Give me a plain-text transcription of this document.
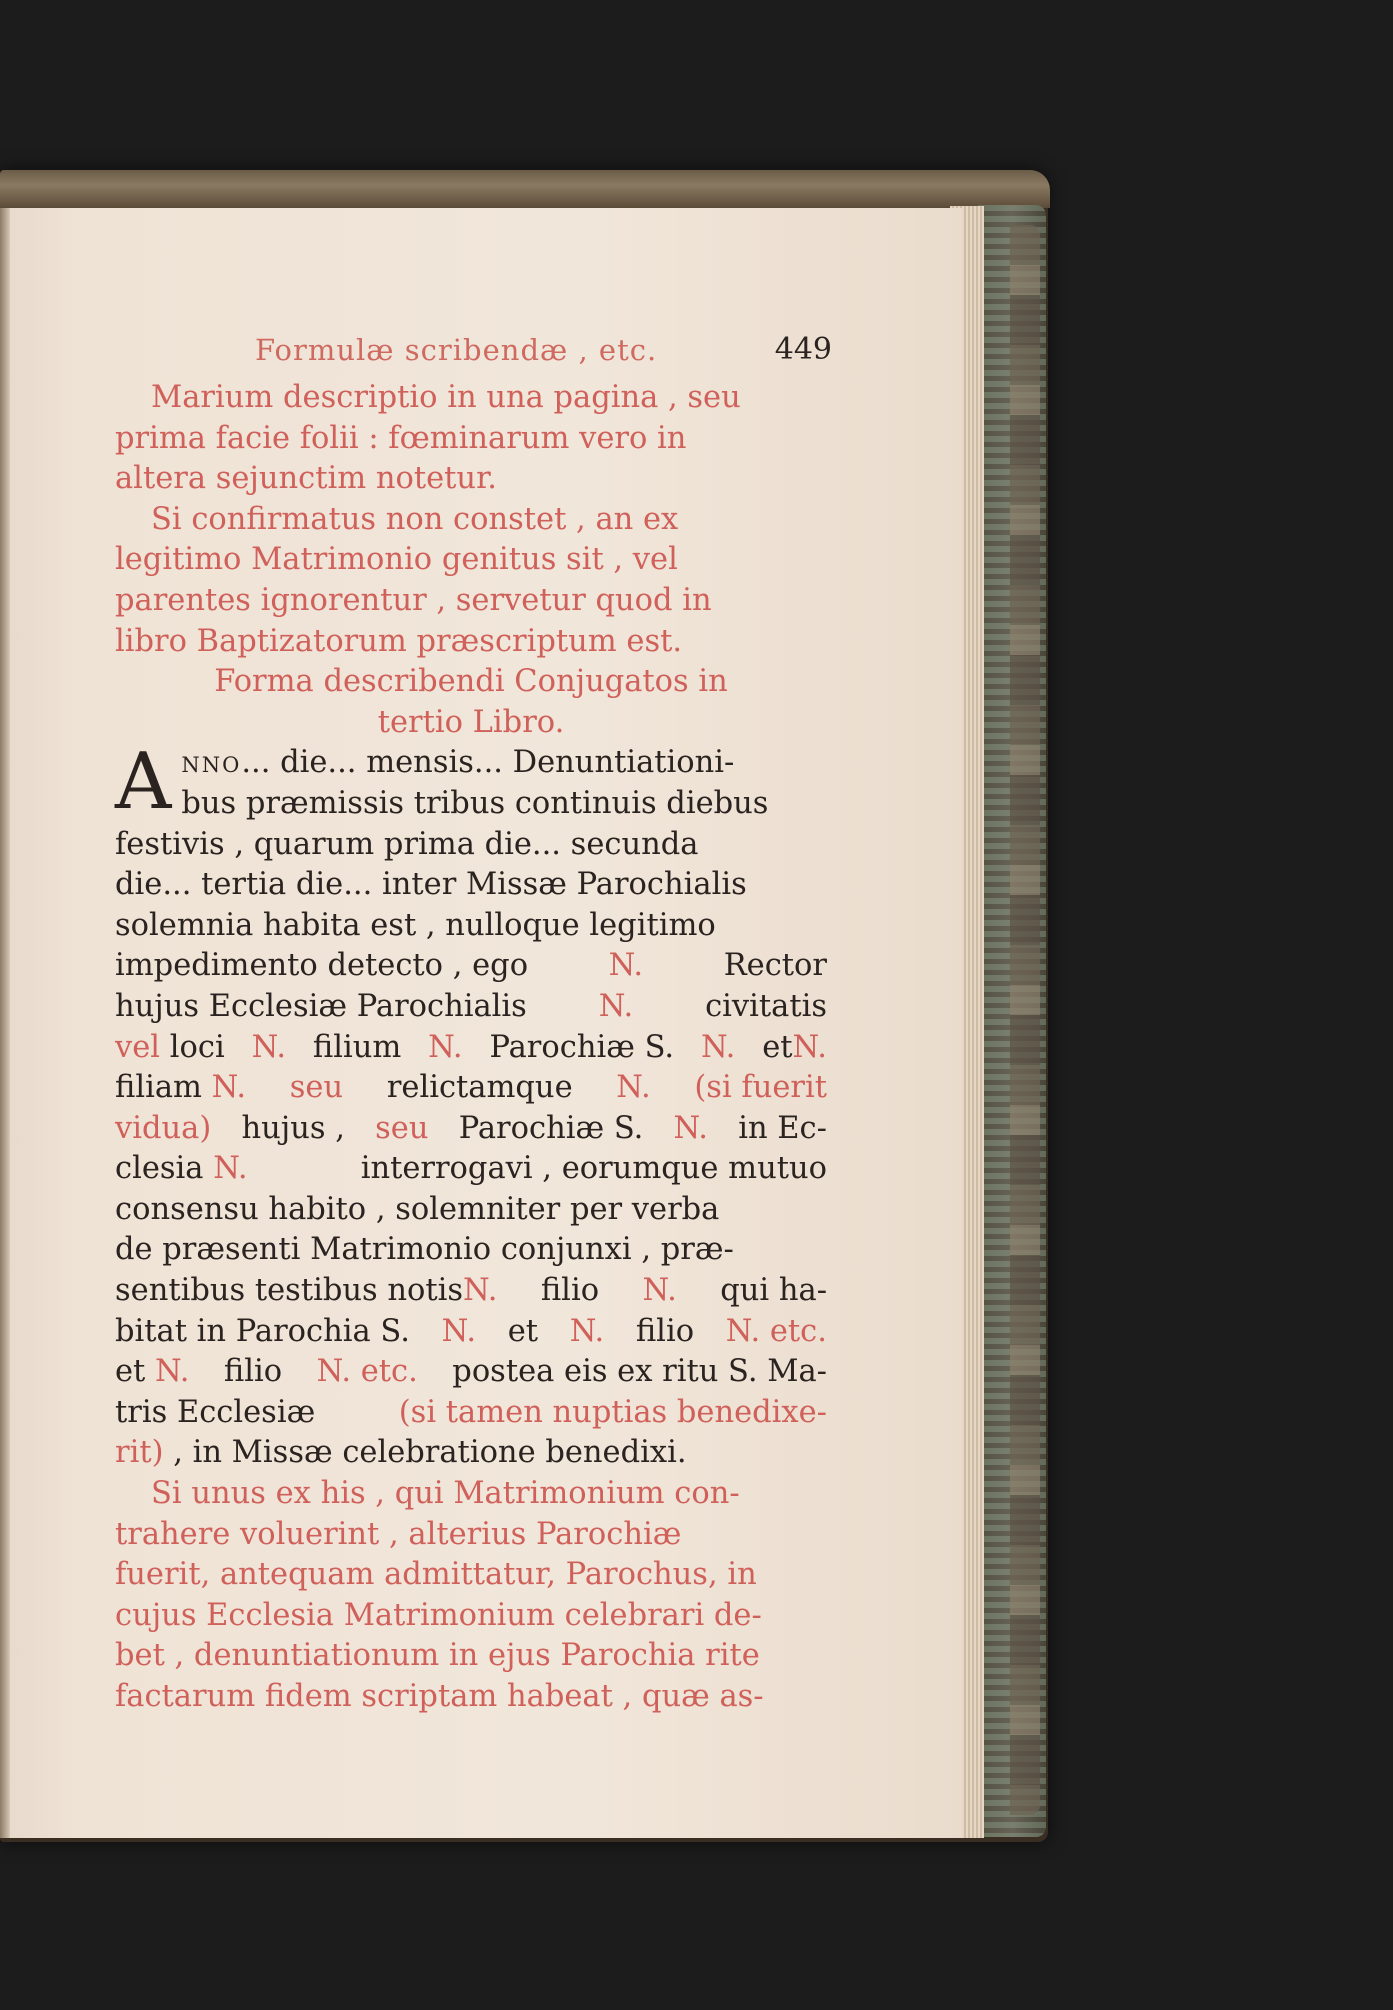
Formulæ scribendæ , etc.	449
Marium descriptio in una pagina , seu
prima facie folii : fœminarum vero in
altera sejunctim notetur.
Si confirmatus non constet , an ex
legitimo Matrimonio genitus sit , vel
parentes ignorentur , servetur quod in
libro Baptizatorum præscriptum est.
Forma describendi Conjugatos in
tertio Libro.
A nno... die... mensis... Denuntiationi-
bus præmissis tribus continuis diebus
festivis , quarum prima die... secunda
die... tertia die... inter Missæ Parochialis
solemnia habita est , nulloque legitimo
impedimento detecto , ego	N.	Rector
hujus Ecclesiæ Parochialis N. civitatis
vel loci N. filium N. Parochiæ S. N. etN.
filiam N. seu relictamque N. (si fuerit
vidua) hujus , seu Parochiæ S. N. in Ec-
clesia N.	interrogavi , eorumque mutuo
consensu habito , solemniter per verba
de præsenti Matrimonio conjunxi , præ-
sentibus testibus notisN. filio N. qui ha-
bitat in Parochia S. N. et N. filio N. etc.
et N. filio N. etc. postea eis ex ritu S. Ma-
tris Ecclesiæ	(si tamen nuptias benedixe-
rit)
, in Missæ celebratione benedixi.
Si unus ex his , qui Matrimonium con-
trahere voluerint , alterius Parochiæ
fuerit, antequam admittatur, Parochus, in
cujus Ecclesia Matrimonium celebrari de-
bet , denuntiationum in ejus Parochia rite
factarum fidem scriptam habeat , quæ as-
